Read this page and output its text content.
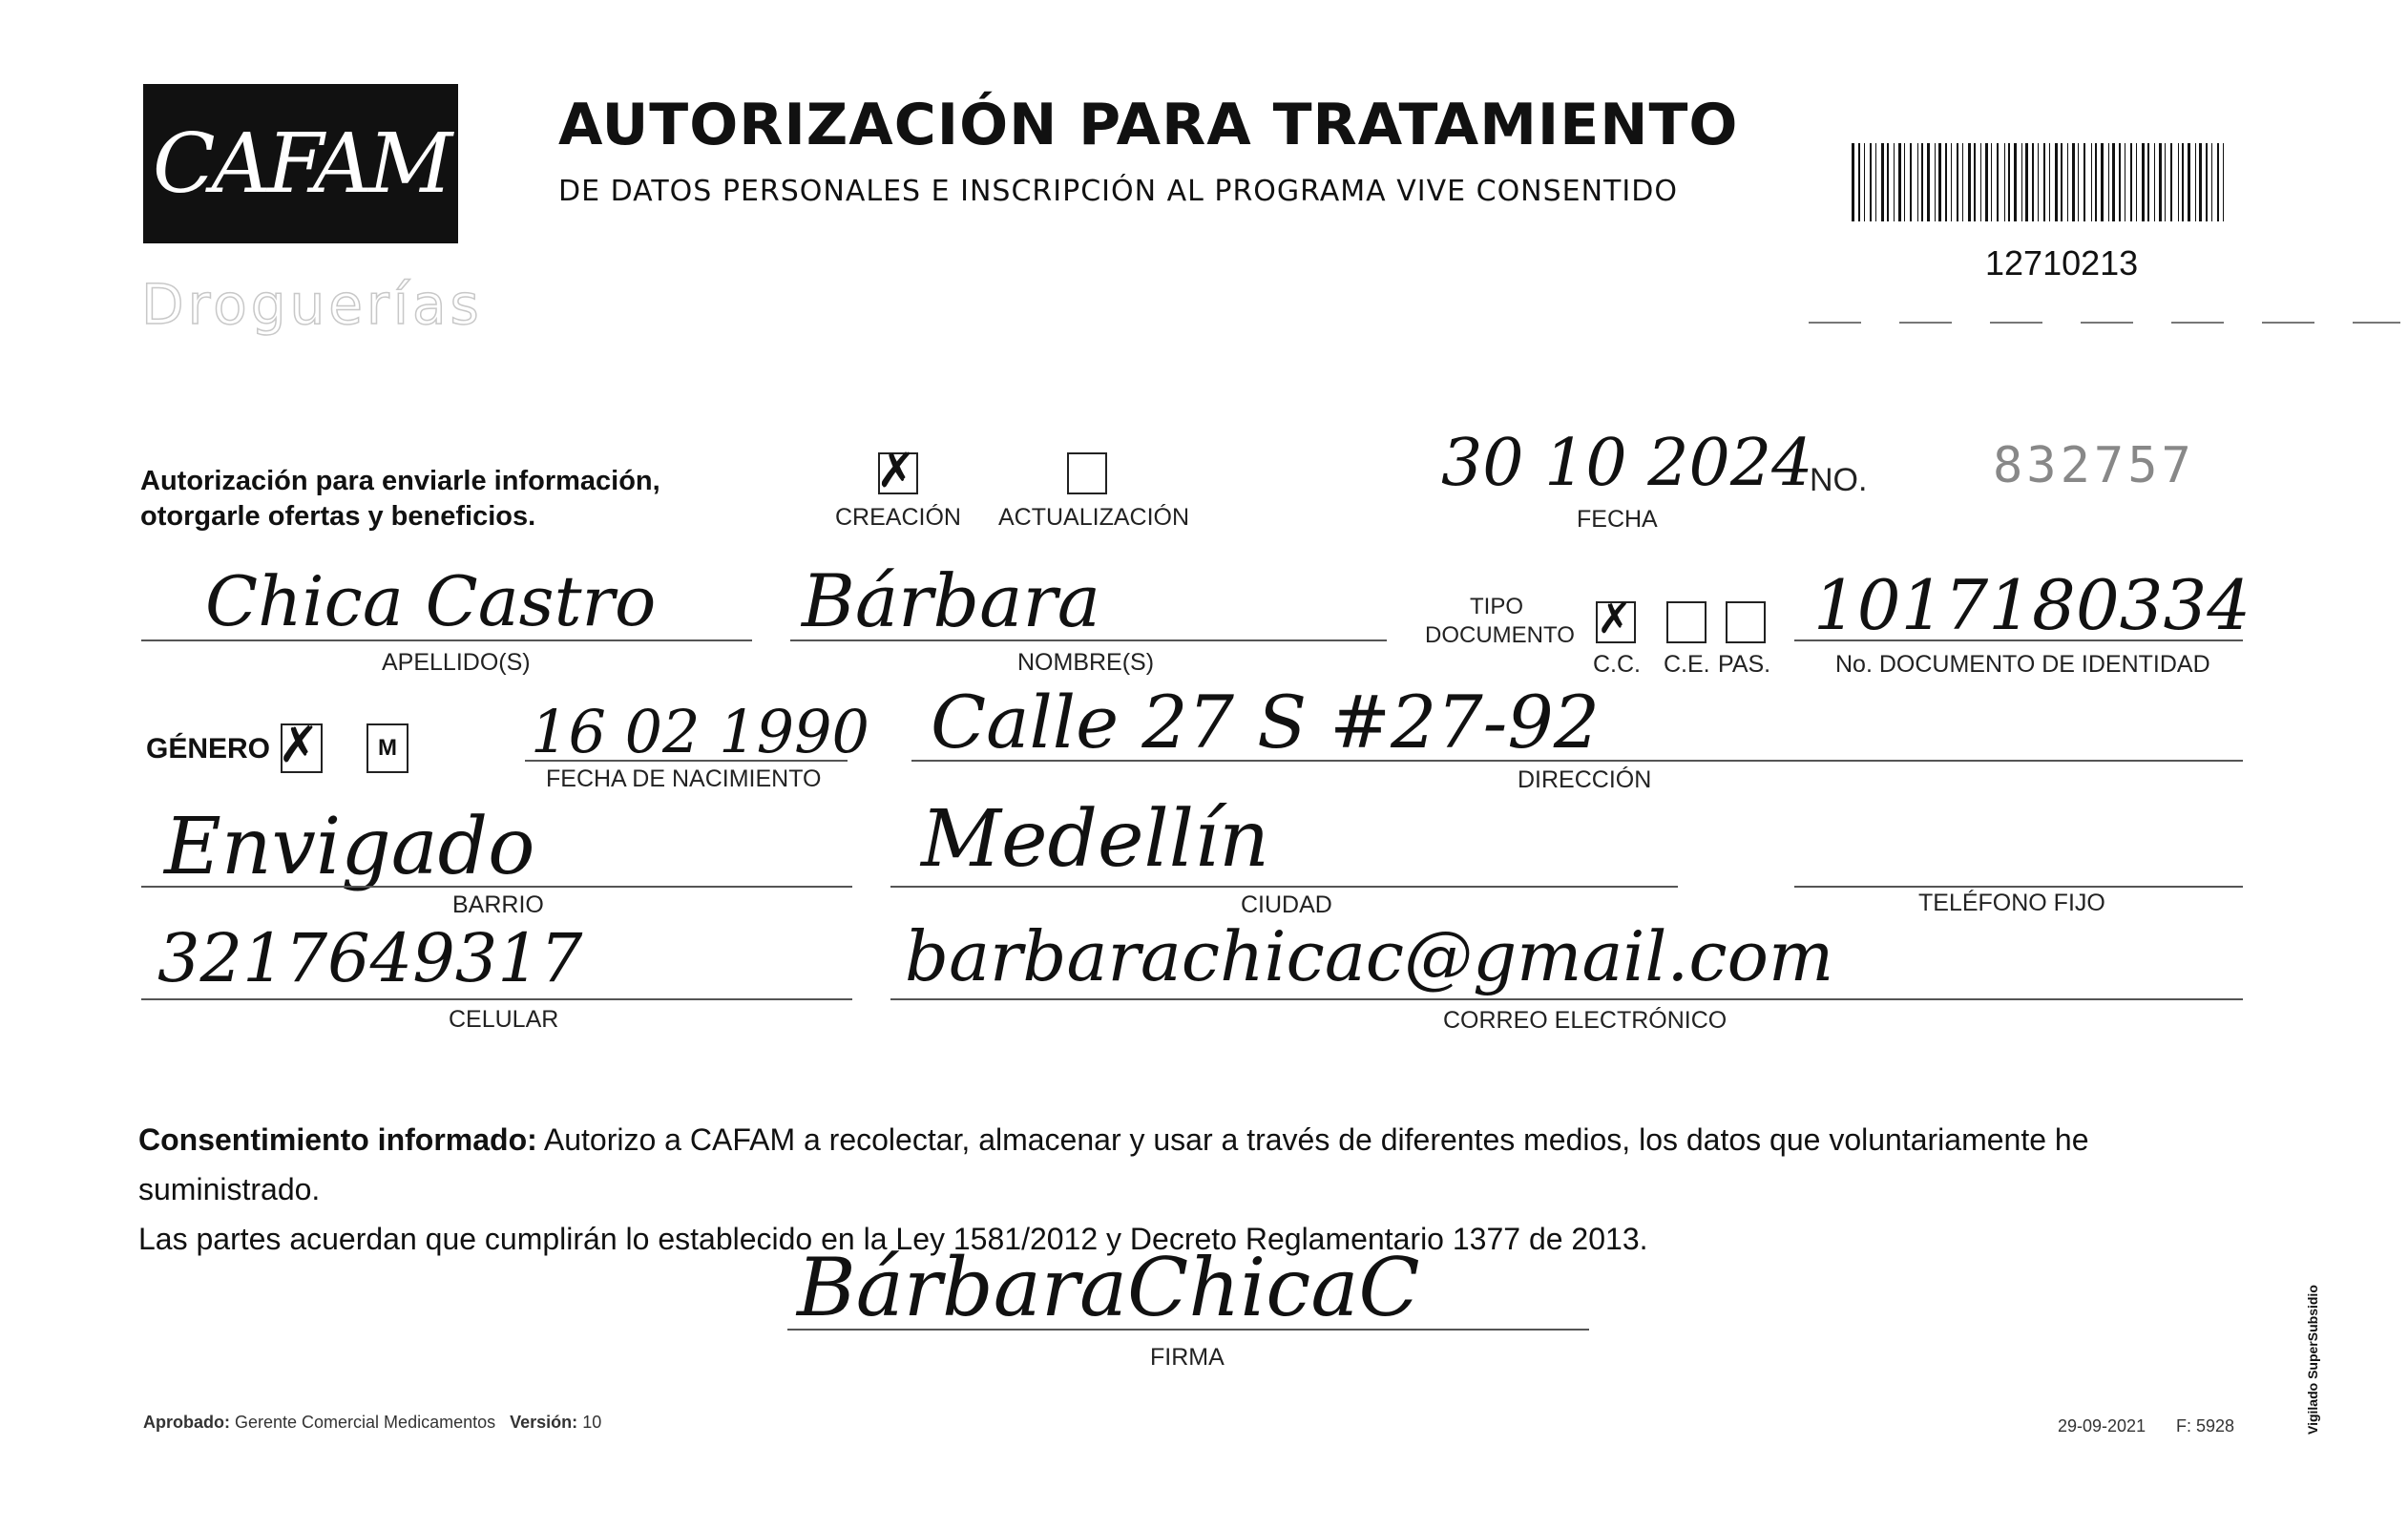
CAFAM
Droguerías
AUTORIZACIÓN PARA TRATAMIENTO
DE DATOS PERSONALES E INSCRIPCIÓN AL PROGRAMA VIVE CONSENTIDO
12710213
Autorización para enviarle información,
otorgarle ofertas y beneficios.
✗
CREACIÓN ACTUALIZACIÓN
30 10 2024
FECHA
NO.	832757
Chica Castro
APELLIDO(S)
Bárbara
NOMBRE(S)
TIPO
DOCUMENTO ✗
C.C. C.E. PAS.
1017180334
No. DOCUMENTO DE IDENTIDAD
GÉNERO ✗	M 16 02 1990
FECHA DE NACIMIENTO
Calle 27 S #27-92
DIRECCIÓN
Envigado
BARRIO
Medellín
CIUDAD	TELÉFONO FIJO
3217649317
CELULAR
barbarachicac@gmail.com
CORREO ELECTRÓNICO
Consentimiento informado: Autorizo a CAFAM a recolectar, almacenar y usar a través de diferentes medios, los datos que voluntariamente he suministrado.
Las partes acuerdan que cumplirán lo establecido en la Ley 1581/2012 y Decreto Reglamentario 1377 de 2013.
BárbaraChicaC
FIRMA
Aprobado: Gerente Comercial Medicamentos Versión: 10	29-09-2021 F: 5928	Vigilado SuperSubsidio
